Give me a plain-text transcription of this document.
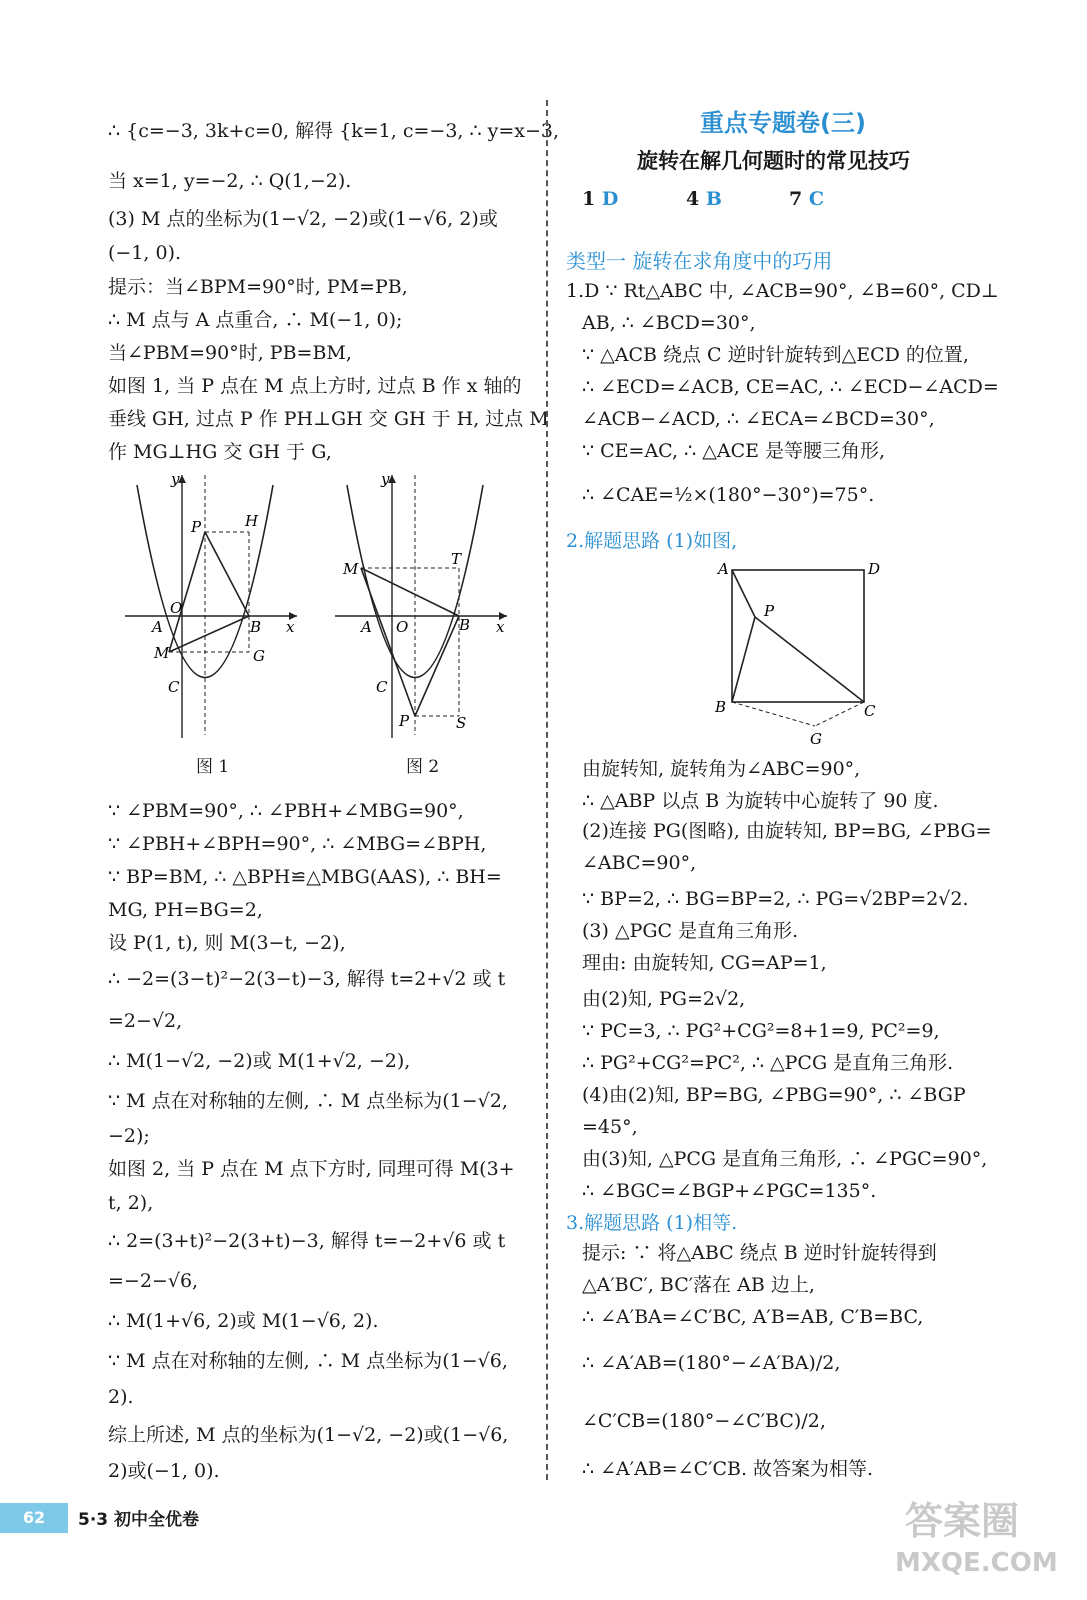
∴ {c=−3, 3k+c=0, 解得 {k=1, c=−3, ∴ y=x−3,
当 x=1, y=−2, ∴ Q(1,−2).
(3) M 点的坐标为(1−√2, −2)或(1−√6, 2)或
(−1, 0).
提示：当∠BPM=90°时, PM=PB,
∴ M 点与 A 点重合, ∴ M(−1, 0);
当∠PBM=90°时, PB=BM,
如图 1, 当 P 点在 M 点上方时, 过点 B 作 x 轴的
垂线 GH, 过点 P 作 PH⊥GH 交 GH 于 H, 过点 M
作 MG⊥HG 交 GH 于 G,
y
x
O
P	H
A	B
M	G
C
图 1
y
x
O
M
T
A	B
C
P	S
图 2
∵ ∠PBM=90°, ∴ ∠PBH+∠MBG=90°,
∵ ∠PBH+∠BPH=90°, ∴ ∠MBG=∠BPH,
∵ BP=BM, ∴ △BPH≌△MBG(AAS), ∴ BH=
MG, PH=BG=2,
设 P(1, t), 则 M(3−t, −2),
∴ −2=(3−t)²−2(3−t)−3, 解得 t=2+√2 或 t
=2−√2,
∴ M(1−√2, −2)或 M(1+√2, −2),
∵ M 点在对称轴的左侧, ∴ M 点坐标为(1−√2,
−2);
如图 2, 当 P 点在 M 点下方时, 同理可得 M(3+
t, 2),
∴ 2=(3+t)²−2(3+t)−3, 解得 t=−2+√6 或 t
=−2−√6,
∴ M(1+√6, 2)或 M(1−√6, 2).
∵ M 点在对称轴的左侧, ∴ M 点坐标为(1−√6,
2).
综上所述, M 点的坐标为(1−√2, −2)或(1−√6,
2)或(−1, 0).
重点专题卷(三)
旋转在解几何题时的常见技巧
1 D	4 B	7 C
类型一 旋转在求角度中的巧用
1.D ∵ Rt△ABC 中, ∠ACB=90°, ∠B=60°, CD⊥
AB, ∴ ∠BCD=30°,
∵ △ACB 绕点 C 逆时针旋转到△ECD 的位置,
∴ ∠ECD=∠ACB, CE=AC, ∴ ∠ECD−∠ACD=
∠ACB−∠ACD, ∴ ∠ECA=∠BCD=30°,
∵ CE=AC, ∴ △ACE 是等腰三角形,
∴ ∠CAE=½×(180°−30°)=75°.
2.解题思路 (1)如图,
A	D
P
B	C
G
由旋转知, 旋转角为∠ABC=90°,
∴ △ABP 以点 B 为旋转中心旋转了 90 度.
(2)连接 PG(图略), 由旋转知, BP=BG, ∠PBG=
∠ABC=90°,
∵ BP=2, ∴ BG=BP=2, ∴ PG=√2BP=2√2.
(3) △PGC 是直角三角形.
理由: 由旋转知, CG=AP=1,
由(2)知, PG=2√2,
∵ PC=3, ∴ PG²+CG²=8+1=9, PC²=9,
∴ PG²+CG²=PC², ∴ △PCG 是直角三角形.
(4)由(2)知, BP=BG, ∠PBG=90°, ∴ ∠BGP
=45°,
由(3)知, △PCG 是直角三角形, ∴ ∠PGC=90°,
∴ ∠BGC=∠BGP+∠PGC=135°.
3.解题思路 (1)相等.
提示: ∵ 将△ABC 绕点 B 逆时针旋转得到
△A′BC′, BC′落在 AB 边上,
∴ ∠A′BA=∠C′BC, A′B=AB, C′B=BC,
∴ ∠A′AB=(180°−∠A′BA)/2,
∠C′CB=(180°−∠C′BC)/2,
∴ ∠A′AB=∠C′CB. 故答案为相等.
62	5·3 初中全优卷	答案圈
MXQE.COM
